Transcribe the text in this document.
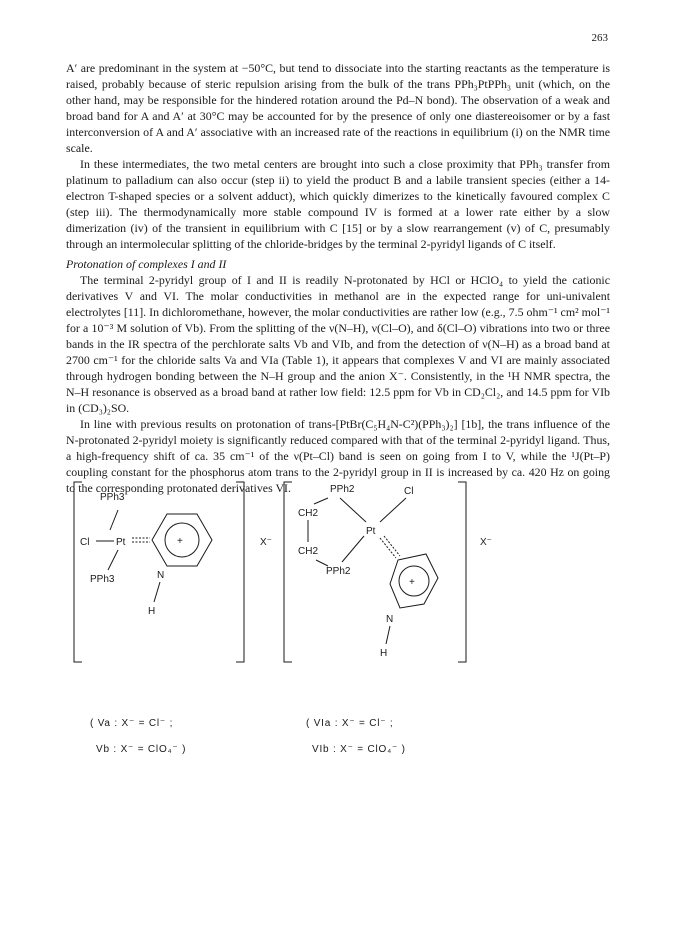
263

A′ are predominant in the system at −50°C, but tend to dissociate into the starting reactants as the temperature is raised, probably because of steric repulsion arising from the bulk of the trans PPh₃PtPPh₃ unit (which, on the other hand, may be responsible for the hindered rotation around the Pd–N bond). The observation of a weak and broad band for A and A′ at 30°C may be accounted for by the presence of only one diastereoisomer or by a fast interconversion of A and A′ associative with an increased rate of the reactions in equilibrium (i) on the NMR time scale.

In these intermediates, the two metal centers are brought into such a close proximity that PPh₃ transfer from platinum to palladium can also occur (step ii) to yield the product B and a labile transient species (either a 14-electron T-shaped species or a solvent adduct), which quickly dimerizes to the kinetically favoured complex C (step iii). The thermodynamically more stable compound IV is formed at a lower rate either by a slow dimerization (iv) of the transient in equilibrium with C [15] or by a slow rearrangement (v) of C, presumably through an intermolecular splitting of the chloride-bridges by the terminal 2-pyridyl ligands of C itself.

Protonation of complexes I and II

The terminal 2-pyridyl group of I and II is readily N-protonated by HCl or HClO₄ to yield the cationic derivatives V and VI. The molar conductivities in methanol are in the expected range for uni-univalent electrolytes [11]. In dichloromethane, however, the molar conductivities are rather low (e.g., 7.5 ohm⁻¹ cm² mol⁻¹ for a 10⁻³ M solution of Vb). From the splitting of the ν(N–H), ν(Cl–O), and δ(Cl–O) vibrations into two or three bands in the IR spectra of the perchlorate salts Vb and VIb, and from the detection of ν(N–H) as a broad band at 2700 cm⁻¹ for the chloride salts Va and VIa (Table 1), it appears that complexes V and VI are mainly associated through hydrogen bonding between the N–H group and the anion X⁻. Consistently, in the ¹H NMR spectra, the N–H resonance is observed as a broad band at rather low field: 12.5 ppm for Vb in CD₂Cl₂, and 14.5 ppm for VIb in (CD₃)₂SO.

In line with previous results on protonation of trans-[PtBr(C₅H₄N-C²)(PPh₃)₂] [1b], the trans influence of the N-protonated 2-pyridyl moiety is significantly reduced compared with that of the terminal 2-pyridyl ligand. Thus, a high-frequency shift of ca. 35 cm⁻¹ of the ν(Pt–Cl) band is seen on going from I to V, while the ¹J(Pt–P) coupling constant for the phosphorus atom trans to the 2-pyridyl group in II is increased by ca. 420 Hz on going to the corresponding protonated derivatives VI.

PPh3
Cl	Pt	+
N
H
PPh3
X⁻
( Va : X⁻ = Cl⁻ ;
Vb : X⁻ = ClO₄⁻ )
PPh2
CH2
CH2
PPh2
Pt
Cl
+
N
H
X⁻
( VIa : X⁻ = Cl⁻ ;
VIb : X⁻ = ClO₄⁻ )
